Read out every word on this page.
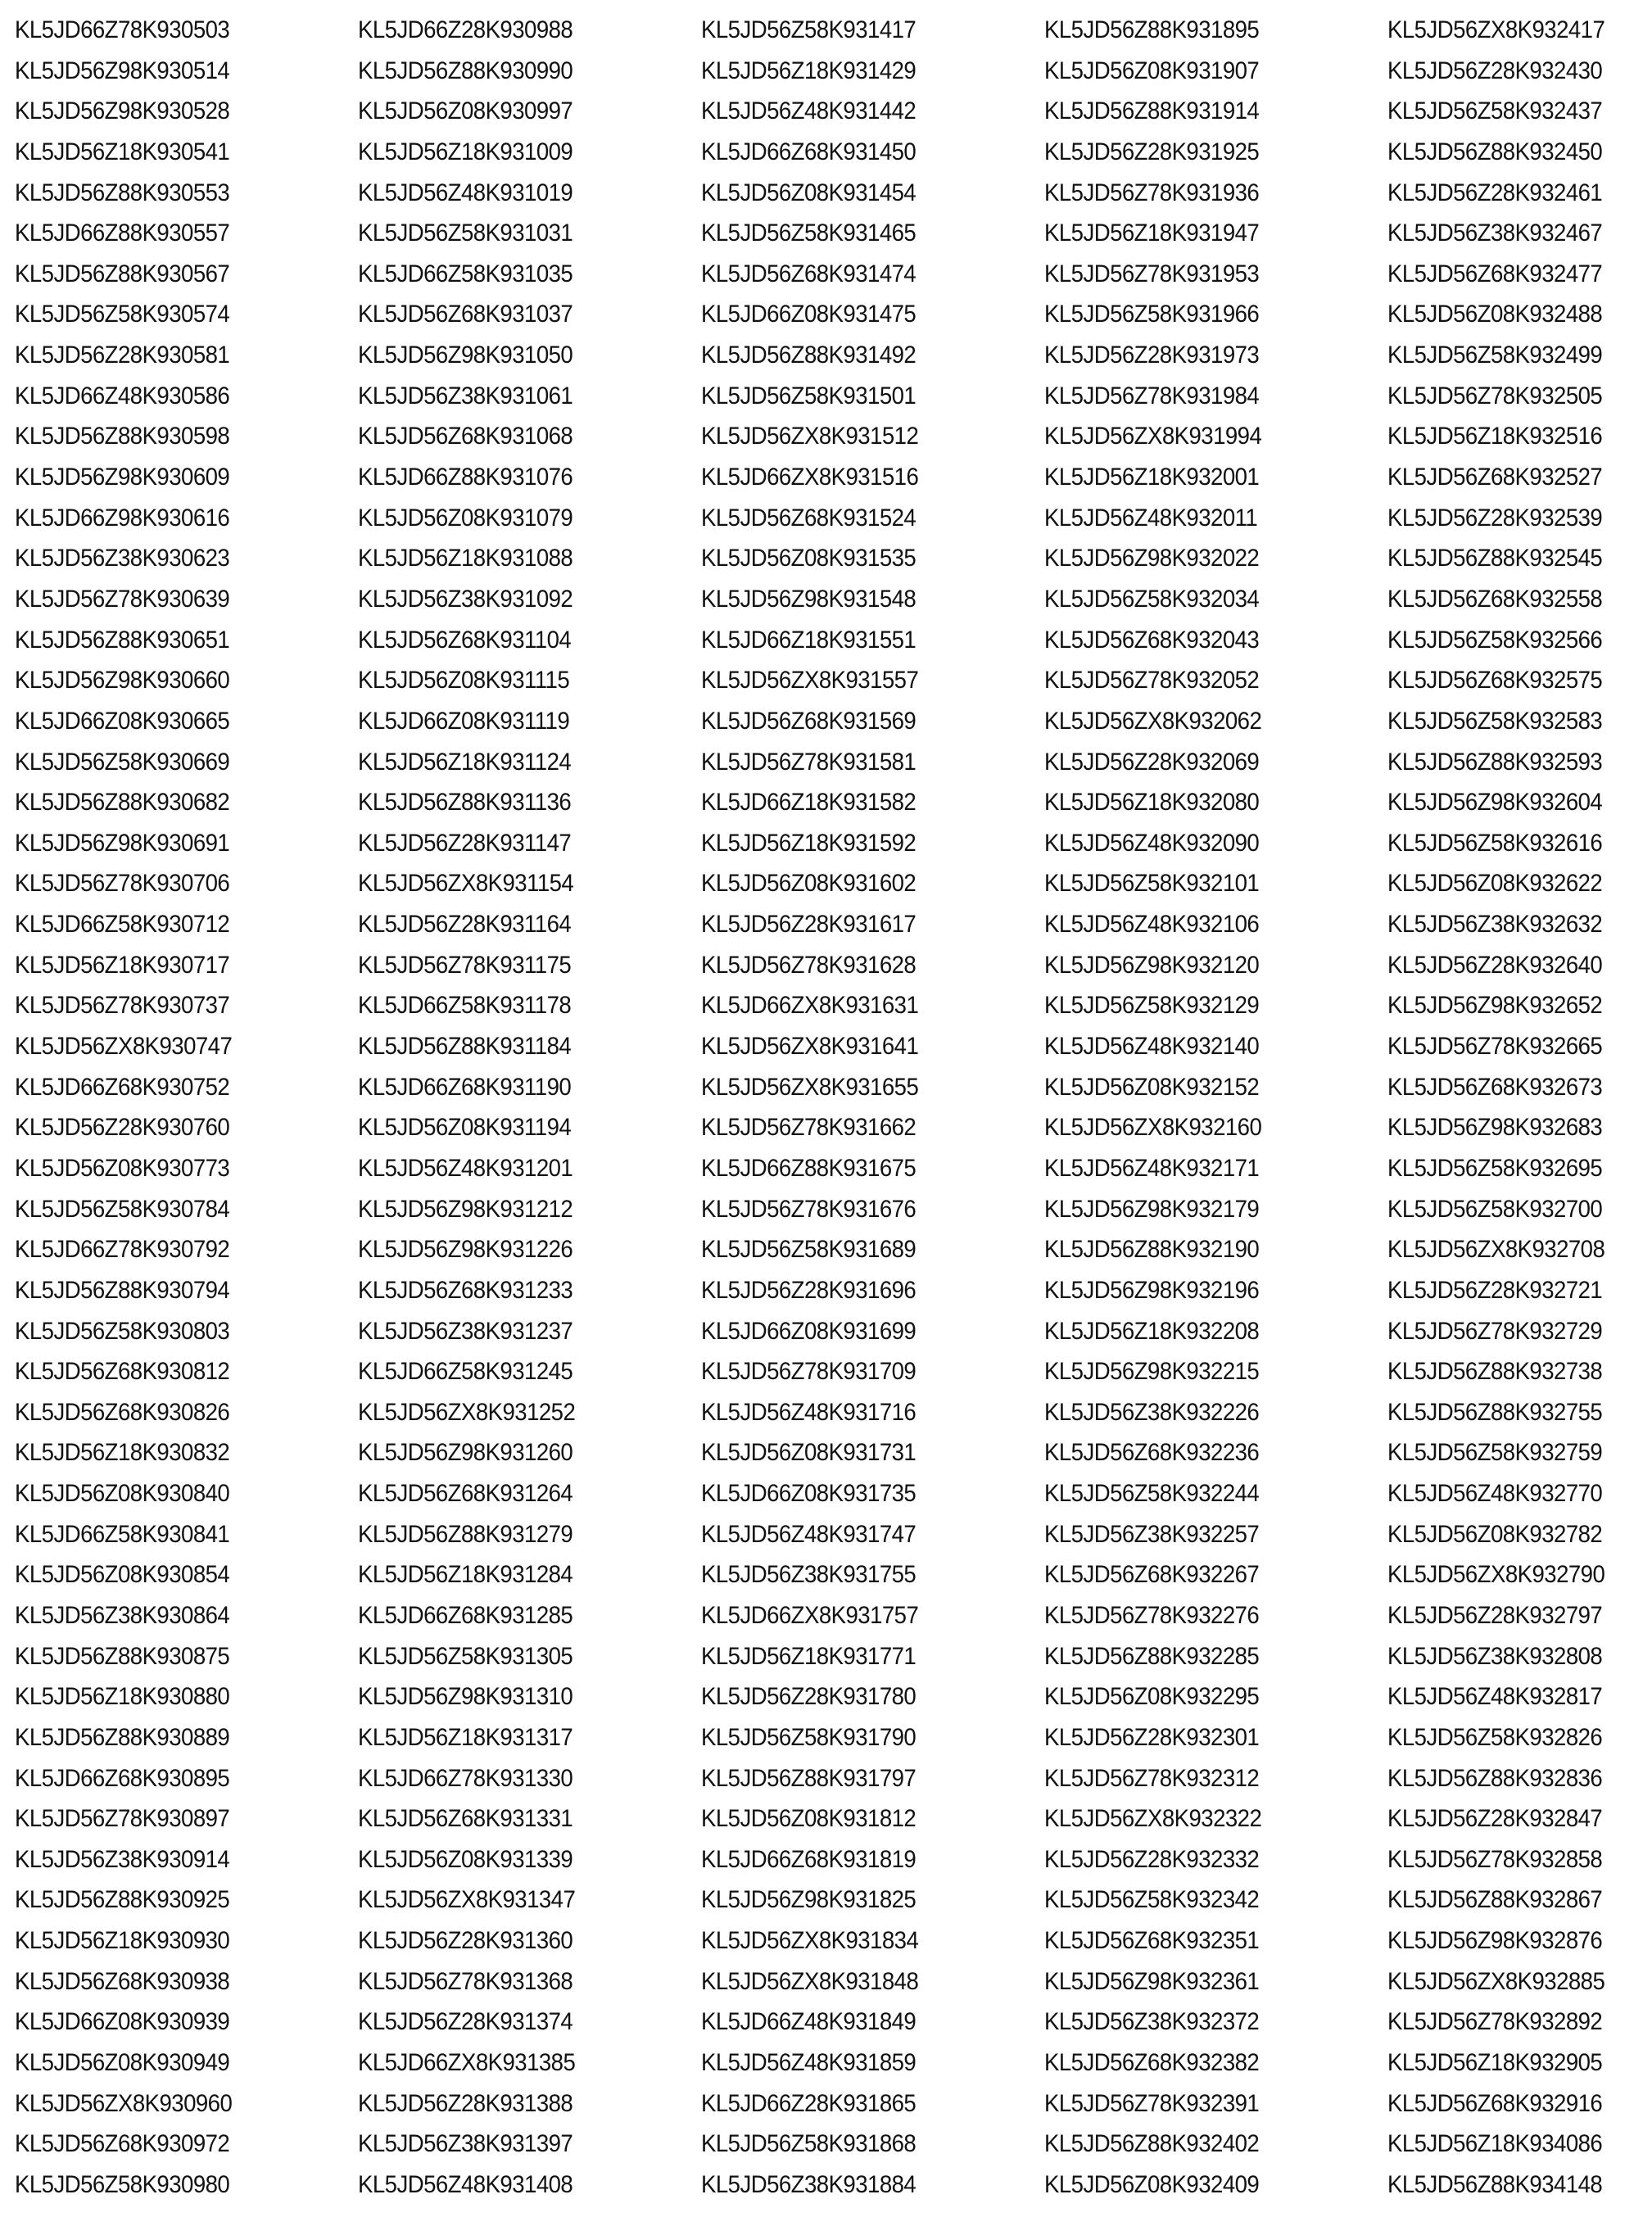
KL5JD66Z78K930503	KL5JD66Z28K930988	KL5JD56Z58K931417	KL5JD56Z88K931895	KL5JD56ZX8K932417
KL5JD56Z98K930514	KL5JD56Z88K930990	KL5JD56Z18K931429	KL5JD56Z08K931907	KL5JD56Z28K932430
KL5JD56Z98K930528	KL5JD56Z08K930997	KL5JD56Z48K931442	KL5JD56Z88K931914	KL5JD56Z58K932437
KL5JD56Z18K930541	KL5JD56Z18K931009	KL5JD66Z68K931450	KL5JD56Z28K931925	KL5JD56Z88K932450
KL5JD56Z88K930553	KL5JD56Z48K931019	KL5JD56Z08K931454	KL5JD56Z78K931936	KL5JD56Z28K932461
KL5JD66Z88K930557	KL5JD56Z58K931031	KL5JD56Z58K931465	KL5JD56Z18K931947	KL5JD56Z38K932467
KL5JD56Z88K930567	KL5JD66Z58K931035	KL5JD56Z68K931474	KL5JD56Z78K931953	KL5JD56Z68K932477
KL5JD56Z58K930574	KL5JD56Z68K931037	KL5JD66Z08K931475	KL5JD56Z58K931966	KL5JD56Z08K932488
KL5JD56Z28K930581	KL5JD56Z98K931050	KL5JD56Z88K931492	KL5JD56Z28K931973	KL5JD56Z58K932499
KL5JD66Z48K930586	KL5JD56Z38K931061	KL5JD56Z58K931501	KL5JD56Z78K931984	KL5JD56Z78K932505
KL5JD56Z88K930598	KL5JD56Z68K931068	KL5JD56ZX8K931512	KL5JD56ZX8K931994	KL5JD56Z18K932516
KL5JD56Z98K930609	KL5JD66Z88K931076	KL5JD66ZX8K931516	KL5JD56Z18K932001	KL5JD56Z68K932527
KL5JD66Z98K930616	KL5JD56Z08K931079	KL5JD56Z68K931524	KL5JD56Z48K932011	KL5JD56Z28K932539
KL5JD56Z38K930623	KL5JD56Z18K931088	KL5JD56Z08K931535	KL5JD56Z98K932022	KL5JD56Z88K932545
KL5JD56Z78K930639	KL5JD56Z38K931092	KL5JD56Z98K931548	KL5JD56Z58K932034	KL5JD56Z68K932558
KL5JD56Z88K930651	KL5JD56Z68K931104	KL5JD66Z18K931551	KL5JD56Z68K932043	KL5JD56Z58K932566
KL5JD56Z98K930660	KL5JD56Z08K931115	KL5JD56ZX8K931557	KL5JD56Z78K932052	KL5JD56Z68K932575
KL5JD66Z08K930665	KL5JD66Z08K931119	KL5JD56Z68K931569	KL5JD56ZX8K932062	KL5JD56Z58K932583
KL5JD56Z58K930669	KL5JD56Z18K931124	KL5JD56Z78K931581	KL5JD56Z28K932069	KL5JD56Z88K932593
KL5JD56Z88K930682	KL5JD56Z88K931136	KL5JD66Z18K931582	KL5JD56Z18K932080	KL5JD56Z98K932604
KL5JD56Z98K930691	KL5JD56Z28K931147	KL5JD56Z18K931592	KL5JD56Z48K932090	KL5JD56Z58K932616
KL5JD56Z78K930706	KL5JD56ZX8K931154	KL5JD56Z08K931602	KL5JD56Z58K932101	KL5JD56Z08K932622
KL5JD66Z58K930712	KL5JD56Z28K931164	KL5JD56Z28K931617	KL5JD56Z48K932106	KL5JD56Z38K932632
KL5JD56Z18K930717	KL5JD56Z78K931175	KL5JD56Z78K931628	KL5JD56Z98K932120	KL5JD56Z28K932640
KL5JD56Z78K930737	KL5JD66Z58K931178	KL5JD66ZX8K931631	KL5JD56Z58K932129	KL5JD56Z98K932652
KL5JD56ZX8K930747	KL5JD56Z88K931184	KL5JD56ZX8K931641	KL5JD56Z48K932140	KL5JD56Z78K932665
KL5JD66Z68K930752	KL5JD66Z68K931190	KL5JD56ZX8K931655	KL5JD56Z08K932152	KL5JD56Z68K932673
KL5JD56Z28K930760	KL5JD56Z08K931194	KL5JD56Z78K931662	KL5JD56ZX8K932160	KL5JD56Z98K932683
KL5JD56Z08K930773	KL5JD56Z48K931201	KL5JD66Z88K931675	KL5JD56Z48K932171	KL5JD56Z58K932695
KL5JD56Z58K930784	KL5JD56Z98K931212	KL5JD56Z78K931676	KL5JD56Z98K932179	KL5JD56Z58K932700
KL5JD66Z78K930792	KL5JD56Z98K931226	KL5JD56Z58K931689	KL5JD56Z88K932190	KL5JD56ZX8K932708
KL5JD56Z88K930794	KL5JD56Z68K931233	KL5JD56Z28K931696	KL5JD56Z98K932196	KL5JD56Z28K932721
KL5JD56Z58K930803	KL5JD56Z38K931237	KL5JD66Z08K931699	KL5JD56Z18K932208	KL5JD56Z78K932729
KL5JD56Z68K930812	KL5JD66Z58K931245	KL5JD56Z78K931709	KL5JD56Z98K932215	KL5JD56Z88K932738
KL5JD56Z68K930826	KL5JD56ZX8K931252	KL5JD56Z48K931716	KL5JD56Z38K932226	KL5JD56Z88K932755
KL5JD56Z18K930832	KL5JD56Z98K931260	KL5JD56Z08K931731	KL5JD56Z68K932236	KL5JD56Z58K932759
KL5JD56Z08K930840	KL5JD56Z68K931264	KL5JD66Z08K931735	KL5JD56Z58K932244	KL5JD56Z48K932770
KL5JD66Z58K930841	KL5JD56Z88K931279	KL5JD56Z48K931747	KL5JD56Z38K932257	KL5JD56Z08K932782
KL5JD56Z08K930854	KL5JD56Z18K931284	KL5JD56Z38K931755	KL5JD56Z68K932267	KL5JD56ZX8K932790
KL5JD56Z38K930864	KL5JD66Z68K931285	KL5JD66ZX8K931757	KL5JD56Z78K932276	KL5JD56Z28K932797
KL5JD56Z88K930875	KL5JD56Z58K931305	KL5JD56Z18K931771	KL5JD56Z88K932285	KL5JD56Z38K932808
KL5JD56Z18K930880	KL5JD56Z98K931310	KL5JD56Z28K931780	KL5JD56Z08K932295	KL5JD56Z48K932817
KL5JD56Z88K930889	KL5JD56Z18K931317	KL5JD56Z58K931790	KL5JD56Z28K932301	KL5JD56Z58K932826
KL5JD66Z68K930895	KL5JD66Z78K931330	KL5JD56Z88K931797	KL5JD56Z78K932312	KL5JD56Z88K932836
KL5JD56Z78K930897	KL5JD56Z68K931331	KL5JD56Z08K931812	KL5JD56ZX8K932322	KL5JD56Z28K932847
KL5JD56Z38K930914	KL5JD56Z08K931339	KL5JD66Z68K931819	KL5JD56Z28K932332	KL5JD56Z78K932858
KL5JD56Z88K930925	KL5JD56ZX8K931347	KL5JD56Z98K931825	KL5JD56Z58K932342	KL5JD56Z88K932867
KL5JD56Z18K930930	KL5JD56Z28K931360	KL5JD56ZX8K931834	KL5JD56Z68K932351	KL5JD56Z98K932876
KL5JD56Z68K930938	KL5JD56Z78K931368	KL5JD56ZX8K931848	KL5JD56Z98K932361	KL5JD56ZX8K932885
KL5JD66Z08K930939	KL5JD56Z28K931374	KL5JD66Z48K931849	KL5JD56Z38K932372	KL5JD56Z78K932892
KL5JD56Z08K930949	KL5JD66ZX8K931385	KL5JD56Z48K931859	KL5JD56Z68K932382	KL5JD56Z18K932905
KL5JD56ZX8K930960	KL5JD56Z28K931388	KL5JD66Z28K931865	KL5JD56Z78K932391	KL5JD56Z68K932916
KL5JD56Z68K930972	KL5JD56Z38K931397	KL5JD56Z58K931868	KL5JD56Z88K932402	KL5JD56Z18K934086
KL5JD56Z58K930980	KL5JD56Z48K931408	KL5JD56Z38K931884	KL5JD56Z08K932409	KL5JD56Z88K934148
